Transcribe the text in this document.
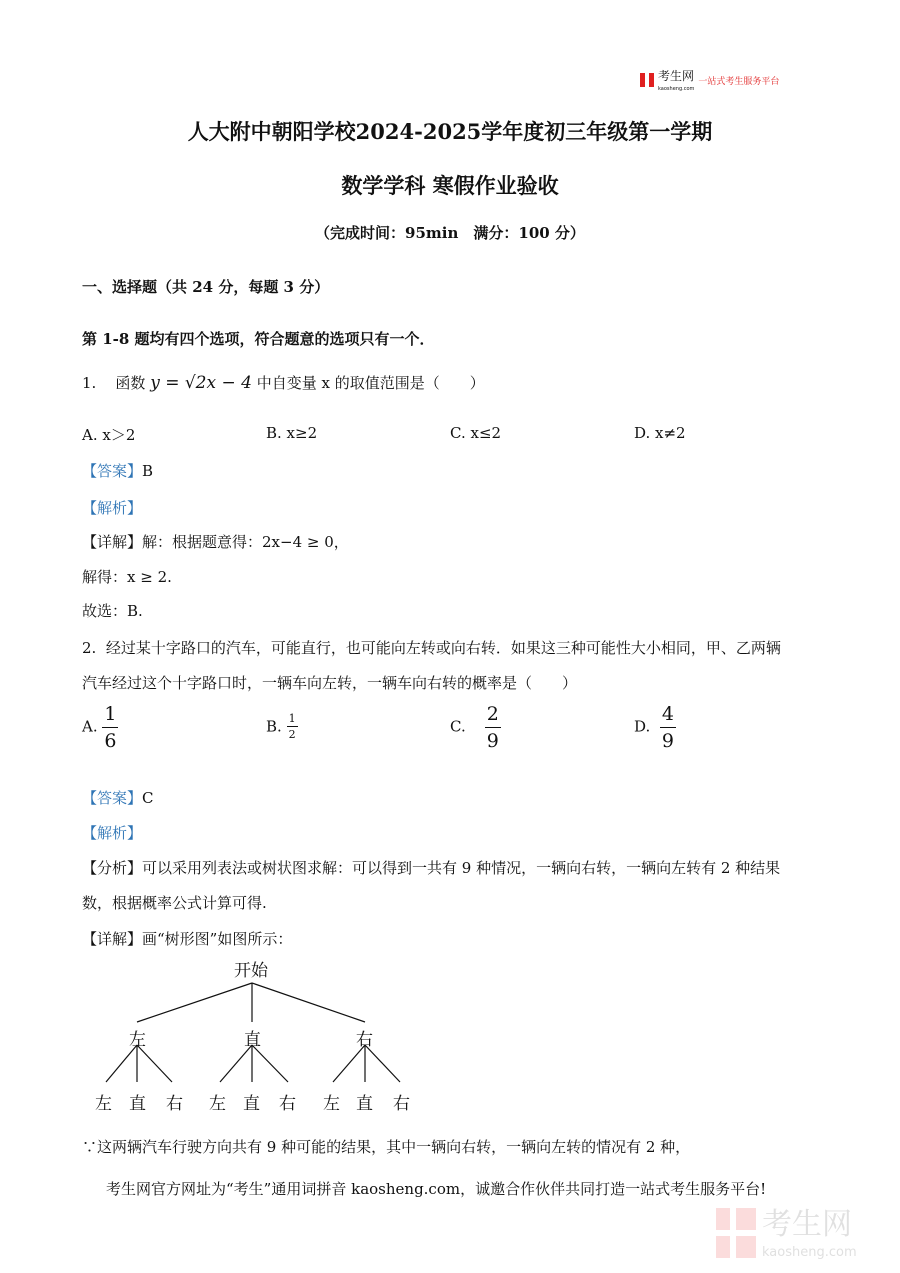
考生网
kaosheng.com
一站式考生服务平台
人大附中朝阳学校2024-2025学年度初三年级第一学期
数学学科 寒假作业验收
（完成时间：95min　满分：100 分）
一、选择题（共 24 分，每题 3 分）
第 1-8 题均有四个选项，符合题意的选项只有一个．
1. 函数 y = √2x − 4 中自变量 x 的取值范围是（　　）
A. x＞2	B. x≥2	C. x≤2	D. x≠2
【答案】B
【解析】
【详解】解：根据题意得：2x−4 ≥ 0，
解得：x ≥ 2.
故选：B.
2. 经过某十字路口的汽车，可能直行，也可能向左转或向右转．如果这三种可能性大小相同，甲、乙两辆
汽车经过这个十字路口时，一辆车向左转，一辆车向右转的概率是（　　）
A. $\frac{1}{6}$	B. $\frac{1}{2}$	C. $\frac{2}{9}$	D. $\frac{4}{9}$
【答案】C
【解析】
【分析】可以采用列表法或树状图求解：可以得到一共有 9 种情况，一辆向右转，一辆向左转有 2 种结果
数，根据概率公式计算可得.
【详解】画“树形图”如图所示：
开始
左	直	右
左 直 右 左 直 右 左 直 右
∵这两辆汽车行驶方向共有 9 种可能的结果，其中一辆向右转，一辆向左转的情况有 2 种，
考生网官方网址为“考生”通用词拼音 kaosheng.com，诚邀合作伙伴共同打造一站式考生服务平台!
考生网
kaosheng.com
